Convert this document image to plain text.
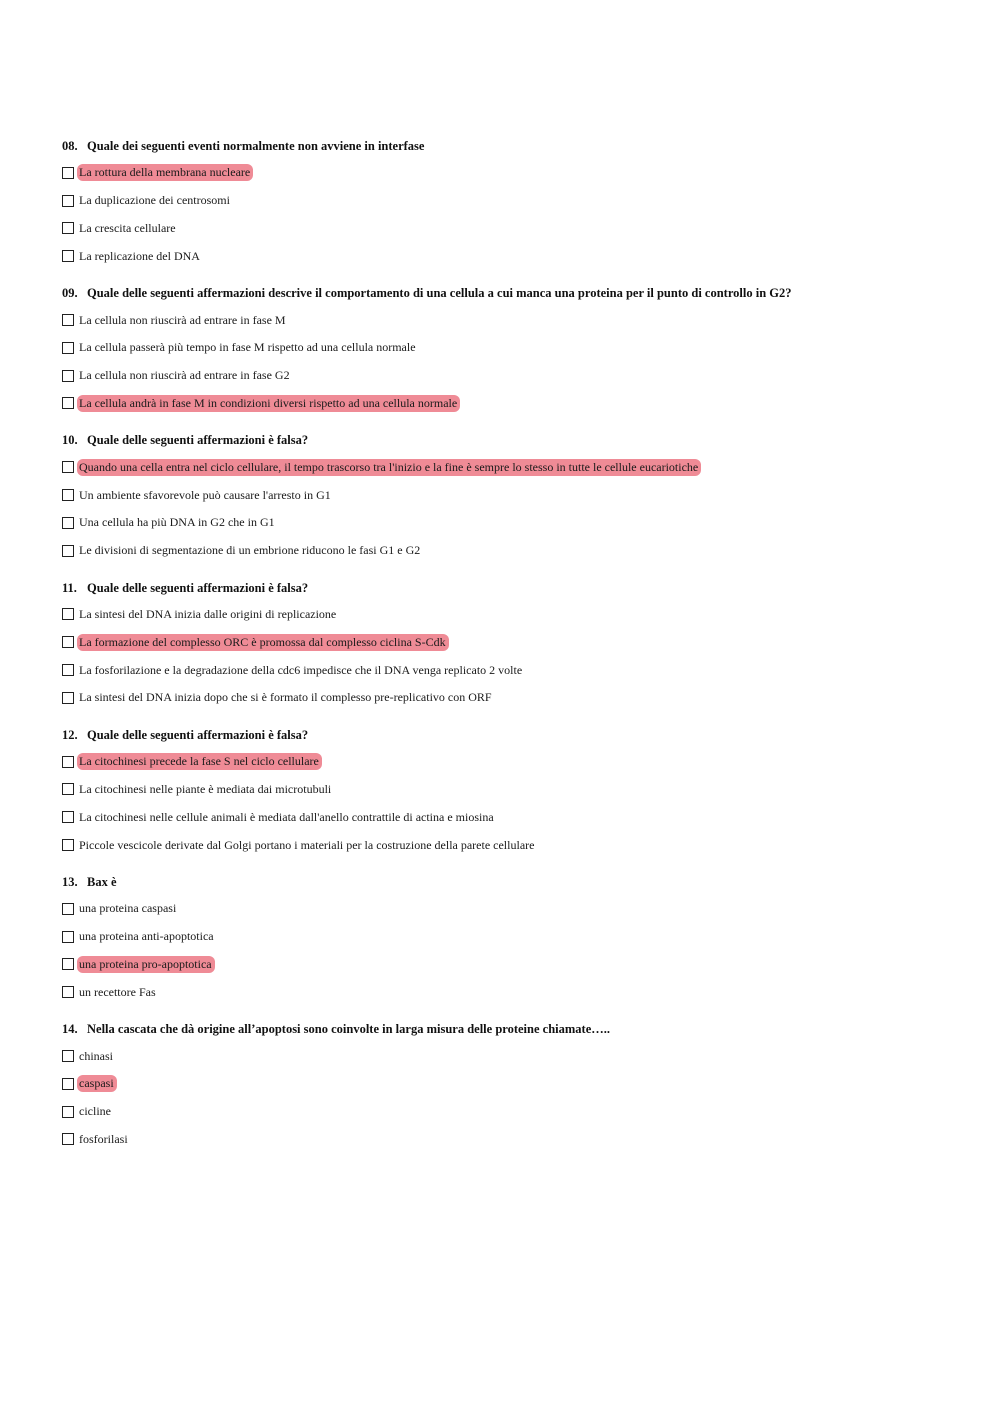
08. Quale dei seguenti eventi normalmente non avviene in interfase
La rottura della membrana nucleare
La duplicazione dei centrosomi
La crescita cellulare
La replicazione del DNA
09. Quale delle seguenti affermazioni descrive il comportamento di una cellula a cui manca una proteina per il punto di controllo in G2?
La cellula non riuscirà ad entrare in fase M
La cellula passerà più tempo in fase M rispetto ad una cellula normale
La cellula non riuscirà ad entrare in fase G2
La cellula andrà in fase M in condizioni diversi rispetto ad una cellula normale
10. Quale delle seguenti affermazioni è falsa?
Quando una cella entra nel ciclo cellulare, il tempo trascorso tra l'inizio e la fine è sempre lo stesso in tutte le cellule eucariotiche
Un ambiente sfavorevole può causare l'arresto in G1
Una cellula ha più DNA in G2 che in G1
Le divisioni di segmentazione di un embrione riducono le fasi G1 e G2
11. Quale delle seguenti affermazioni è falsa?
La sintesi del DNA inizia dalle origini di replicazione
La formazione del complesso ORC è promossa dal complesso ciclina S-Cdk
La fosforilazione e la degradazione della cdc6 impedisce che il DNA venga replicato 2 volte
La sintesi del DNA inizia dopo che si è formato il complesso pre-replicativo con ORF
12. Quale delle seguenti affermazioni è falsa?
La citochinesi precede la fase S nel ciclo cellulare
La citochinesi nelle piante è mediata dai microtubuli
La citochinesi nelle cellule animali è mediata dall'anello contrattile di actina e miosina
Piccole vescicole derivate dal Golgi portano i materiali per la costruzione della parete cellulare
13. Bax è
una proteina caspasi
una proteina anti-apoptotica
una proteina pro-apoptotica
un recettore Fas
14. Nella cascata che dà origine all’apoptosi sono coinvolte in larga misura delle proteine chiamate…..
chinasi
caspasi
cicline
fosforilasi
